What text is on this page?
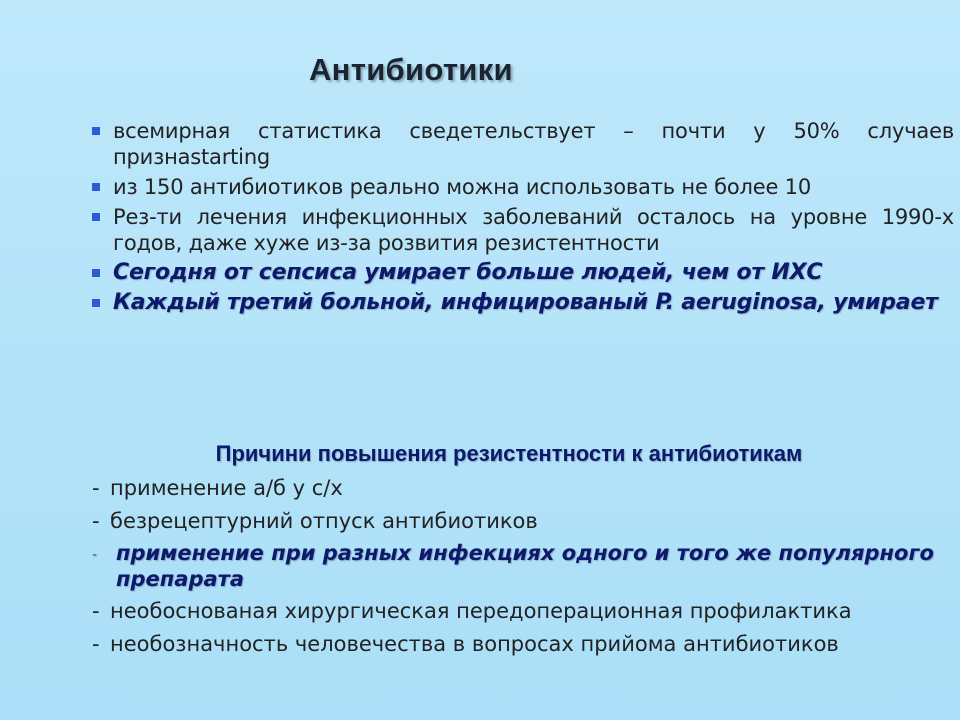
Антибиотики
всемирная статистика сведетельствует – почти у 50% случаев признаstarting
из 150 антибиотиков реально можна использовать не более 10
Рез-ти лечения инфекционных заболеваний осталось на уровне 1990-х годов, даже хуже из-за розвития резистентности
Сегодня от сепсиса умирает больше людей, чем от ИХС
Каждый третий больной, инфицированый P. aeruginosa, умирает
Причини повышения резистентности к антибиотикам
- применение а/б у с/х
- безрецептурний отпуск антибиотиков
- применение при разных инфекциях одного и того же популярного препарата
- необоснованая хирургическая передоперационная профилактика
- необозначность человечества в вопросах прийома антибиотиков
